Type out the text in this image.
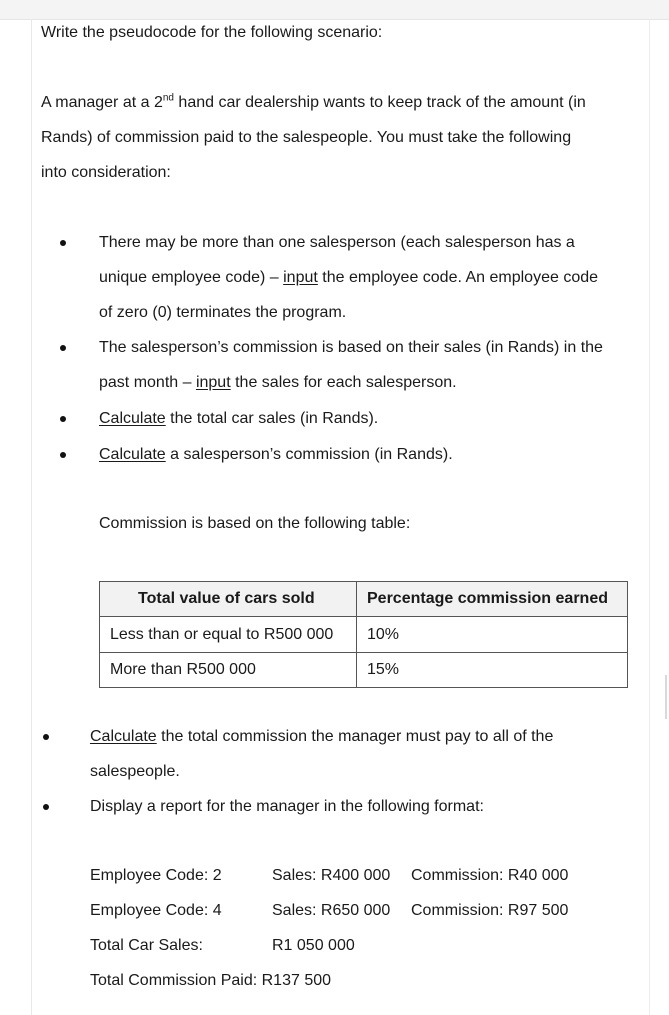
Write the pseudocode for the following scenario:
A manager at a 2nd hand car dealership wants to keep track of the amount (in
Rands) of commission paid to the salespeople. You must take the following
into consideration:
There may be more than one salesperson (each salesperson has a
unique employee code) – input the employee code. An employee code
of zero (0) terminates the program.
The salesperson’s commission is based on their sales (in Rands) in the
past month – input the sales for each salesperson.
Calculate the total car sales (in Rands).
Calculate a salesperson’s commission (in Rands).
Commission is based on the following table:
Total value of cars sold	Percentage commission earned
Less than or equal to R500 000	10%
More than R500 000	15%
Calculate the total commission the manager must pay to all of the
salespeople.
Display a report for the manager in the following format:
Employee Code: 2	Sales: R400 000 Commission: R40 000
Employee Code: 4	Sales: R650 000 Commission: R97 500
Total Car Sales:	R1 050 000
Total Commission Paid: R137 500
